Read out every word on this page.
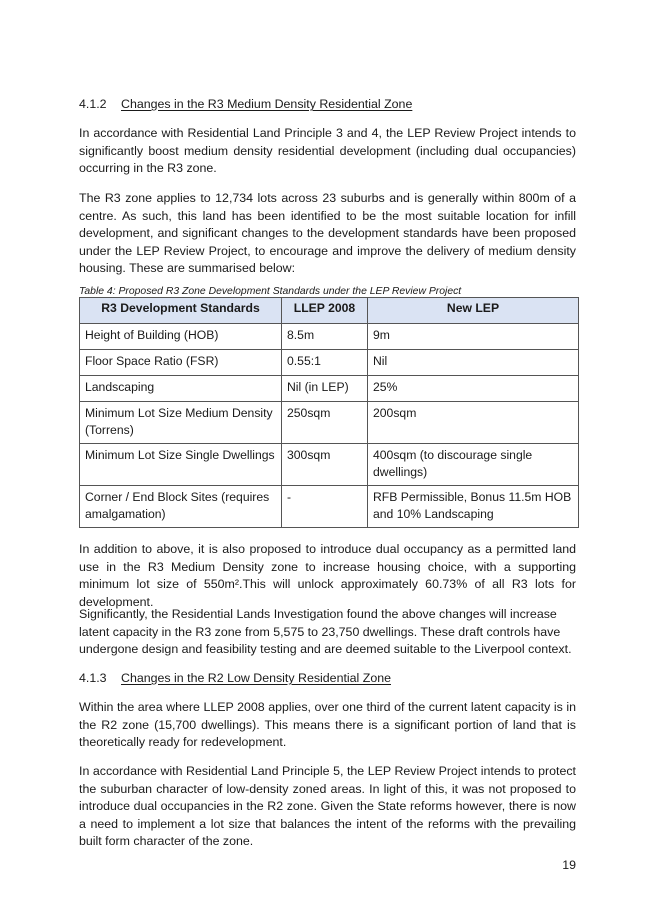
4.1.2 Changes in the R3 Medium Density Residential Zone

In accordance with Residential Land Principle 3 and 4, the LEP Review Project intends to significantly boost medium density residential development (including dual occupancies) occurring in the R3 zone.

The R3 zone applies to 12,734 lots across 23 suburbs and is generally within 800m of a centre. As such, this land has been identified to be the most suitable location for infill development, and significant changes to the development standards have been proposed under the LEP Review Project, to encourage and improve the delivery of medium density housing. These are summarised below:

Table 4: Proposed R3 Zone Development Standards under the LEP Review Project

R3 Development Standards	LLEP 2008	New LEP
Height of Building (HOB)	8.5m	9m
Floor Space Ratio (FSR)	0.55:1	Nil
Landscaping	Nil (in LEP)	25%
Minimum Lot Size Medium Density (Torrens)	250sqm	200sqm
Minimum Lot Size Single Dwellings	300sqm	400sqm (to discourage single dwellings)
Corner / End Block Sites (requires amalgamation)	-	RFB Permissible, Bonus 11.5m HOB and 10% Landscaping

In addition to above, it is also proposed to introduce dual occupancy as a permitted land use in the R3 Medium Density zone to increase housing choice, with a supporting minimum lot size of 550m².This will unlock approximately 60.73% of all R3 lots for development.

Significantly, the Residential Lands Investigation found the above changes will increase latent capacity in the R3 zone from 5,575 to 23,750 dwellings. These draft controls have undergone design and feasibility testing and are deemed suitable to the Liverpool context.

4.1.3 Changes in the R2 Low Density Residential Zone

Within the area where LLEP 2008 applies, over one third of the current latent capacity is in the R2 zone (15,700 dwellings). This means there is a significant portion of land that is theoretically ready for redevelopment.

In accordance with Residential Land Principle 5, the LEP Review Project intends to protect the suburban character of low-density zoned areas. In light of this, it was not proposed to introduce dual occupancies in the R2 zone. Given the State reforms however, there is now a need to implement a lot size that balances the intent of the reforms with the prevailing built form character of the zone.

19
